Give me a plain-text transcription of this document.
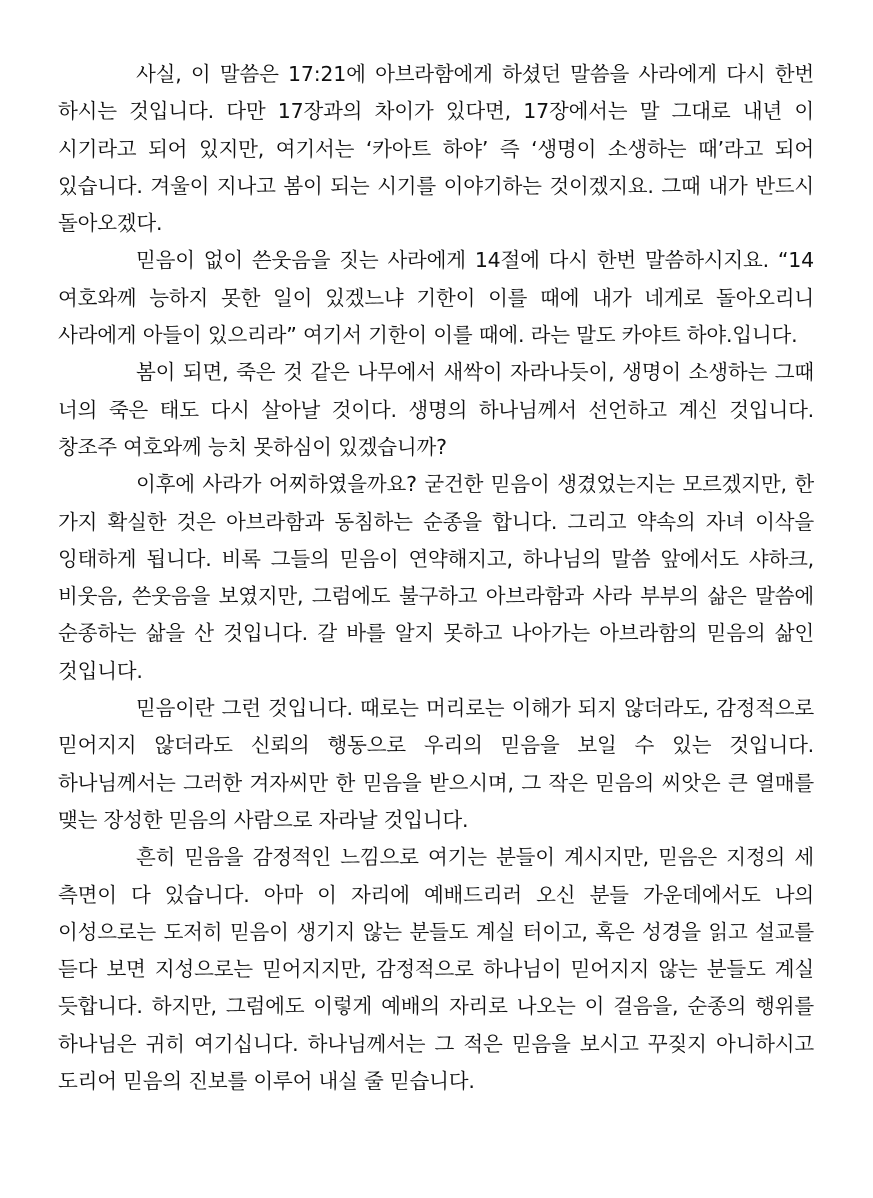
사실, 이 말씀은 17:21에 아브라함에게 하셨던 말씀을 사라에게 다시 한번 하시는 것입니다. 다만 17장과의 차이가 있다면, 17장에서는 말 그대로 내년 이 시기라고 되어 있지만, 여기서는 ‘카아트 하야’ 즉 ‘생명이 소생하는 때’라고 되어 있습니다. 겨울이 지나고 봄이 되는 시기를 이야기하는 것이겠지요. 그때 내가 반드시 돌아오겠다.

믿음이 없이 쓴웃음을 짓는 사라에게 14절에 다시 한번 말씀하시지요. “14 여호와께 능하지 못한 일이 있겠느냐 기한이 이를 때에 내가 네게로 돌아오리니 사라에게 아들이 있으리라” 여기서 기한이 이를 때에. 라는 말도 카야트 하야.입니다.

봄이 되면, 죽은 것 같은 나무에서 새싹이 자라나듯이, 생명이 소생하는 그때 너의 죽은 태도 다시 살아날 것이다. 생명의 하나님께서 선언하고 계신 것입니다. 창조주 여호와께 능치 못하심이 있겠습니까?

이후에 사라가 어찌하였을까요? 굳건한 믿음이 생겼었는지는 모르겠지만, 한 가지 확실한 것은 아브라함과 동침하는 순종을 합니다. 그리고 약속의 자녀 이삭을 잉태하게 됩니다. 비록 그들의 믿음이 연약해지고, 하나님의 말씀 앞에서도 샤하크, 비웃음, 쓴웃음을 보였지만, 그럼에도 불구하고 아브라함과 사라 부부의 삶은 말씀에 순종하는 삶을 산 것입니다. 갈 바를 알지 못하고 나아가는 아브라함의 믿음의 삶인 것입니다.

믿음이란 그런 것입니다. 때로는 머리로는 이해가 되지 않더라도, 감정적으로 믿어지지 않더라도 신뢰의 행동으로 우리의 믿음을 보일 수 있는 것입니다. 하나님께서는 그러한 겨자씨만 한 믿음을 받으시며, 그 작은 믿음의 씨앗은 큰 열매를 맺는 장성한 믿음의 사람으로 자라날 것입니다.

흔히 믿음을 감정적인 느낌으로 여기는 분들이 계시지만, 믿음은 지정의 세 측면이 다 있습니다. 아마 이 자리에 예배드리러 오신 분들 가운데에서도 나의 이성으로는 도저히 믿음이 생기지 않는 분들도 계실 터이고, 혹은 성경을 읽고 설교를 듣다 보면 지성으로는 믿어지지만, 감정적으로 하나님이 믿어지지 않는 분들도 계실 듯합니다. 하지만, 그럼에도 이렇게 예배의 자리로 나오는 이 걸음을, 순종의 행위를 하나님은 귀히 여기십니다. 하나님께서는 그 적은 믿음을 보시고 꾸짖지 아니하시고 도리어 믿음의 진보를 이루어 내실 줄 믿습니다.
